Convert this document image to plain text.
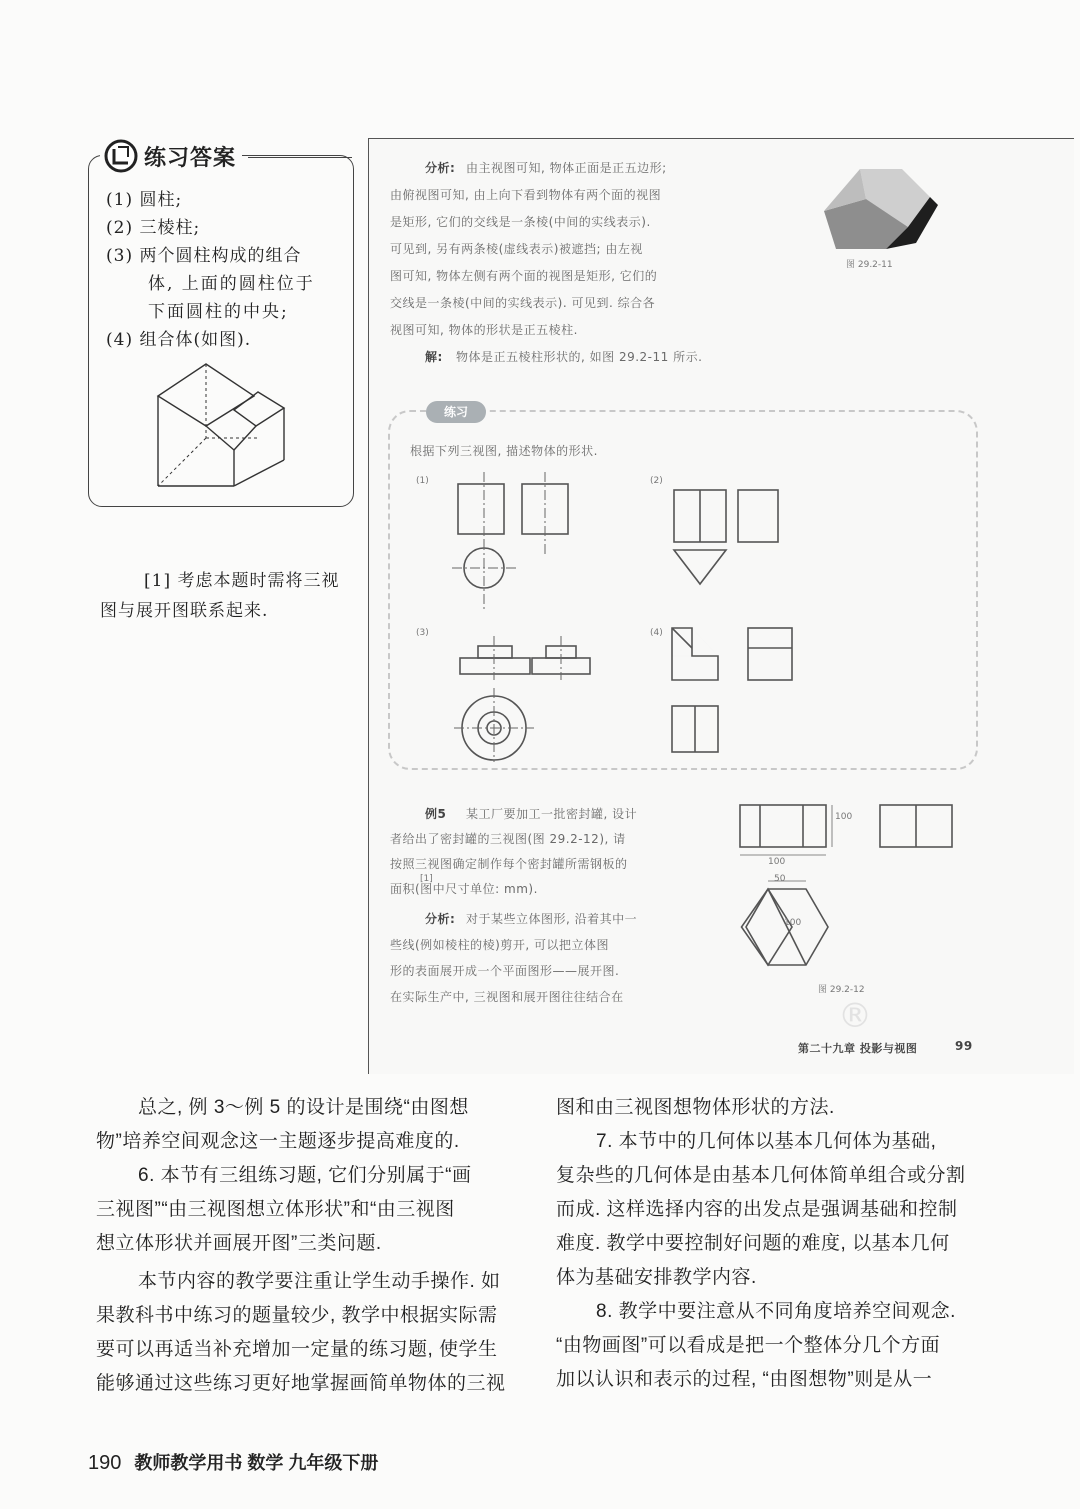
练习答案
(1) 圆柱;
(2) 三棱柱;
(3) 两个圆柱构成的组合
体, 上面的圆柱位于
下面圆柱的中央;
(4) 组合体(如图).
[1] 考虑本题时需将三视图与展开图联系起来.
分析: 由主视图可知, 物体正面是正五边形;
由俯视图可知, 由上向下看到物体有两个面的视图
是矩形, 它们的交线是一条棱(中间的实线表示).
可见到, 另有两条棱(虚线表示)被遮挡; 由左视
图可知, 物体左侧有两个面的视图是矩形, 它们的
交线是一条棱(中间的实线表示). 可见到. 综合各
视图可知, 物体的形状是正五棱柱.
解: 物体是正五棱柱形状的, 如图 29.2-11 所示.
图 29.2-11
练习
根据下列三视图, 描述物体的形状.
(1)	(2)
(3)	(4)
例5 某工厂要加工一批密封罐, 设计
者给出了密封罐的三视图(图 29.2-12), 请
按照三视图确定制作每个密封罐所需钢板的
面积(图中尺寸单位: mm).
[1]
分析: 对于某些立体图形, 沿着其中一
些线(例如棱柱的棱)剪开, 可以把立体图
形的表面展开成一个平面图形——展开图.
在实际生产中, 三视图和展开图往往结合在
100
100
50
100
图 29.2-12
®
第二十九章 投影与视图	99
总之, 例 3～例 5 的设计是围绕“由图想
物”培养空间观念这一主题逐步提高难度的.
6. 本节有三组练习题, 它们分别属于“画
三视图”“由三视图想立体形状”和“由三视图
想立体形状并画展开图”三类问题.
本节内容的教学要注重让学生动手操作. 如
果教科书中练习的题量较少, 教学中根据实际需
要可以再适当补充增加一定量的练习题, 使学生
能够通过这些练习更好地掌握画简单物体的三视
图和由三视图想物体形状的方法.
7. 本节中的几何体以基本几何体为基础,
复杂些的几何体是由基本几何体简单组合或分割
而成. 这样选择内容的出发点是强调基础和控制
难度. 教学中要控制好问题的难度, 以基本几何
体为基础安排教学内容.
8. 教学中要注意从不同角度培养空间观念.
“由物画图”可以看成是把一个整体分几个方面
加以认识和表示的过程, “由图想物”则是从一
190 教师教学用书 数学 九年级下册
